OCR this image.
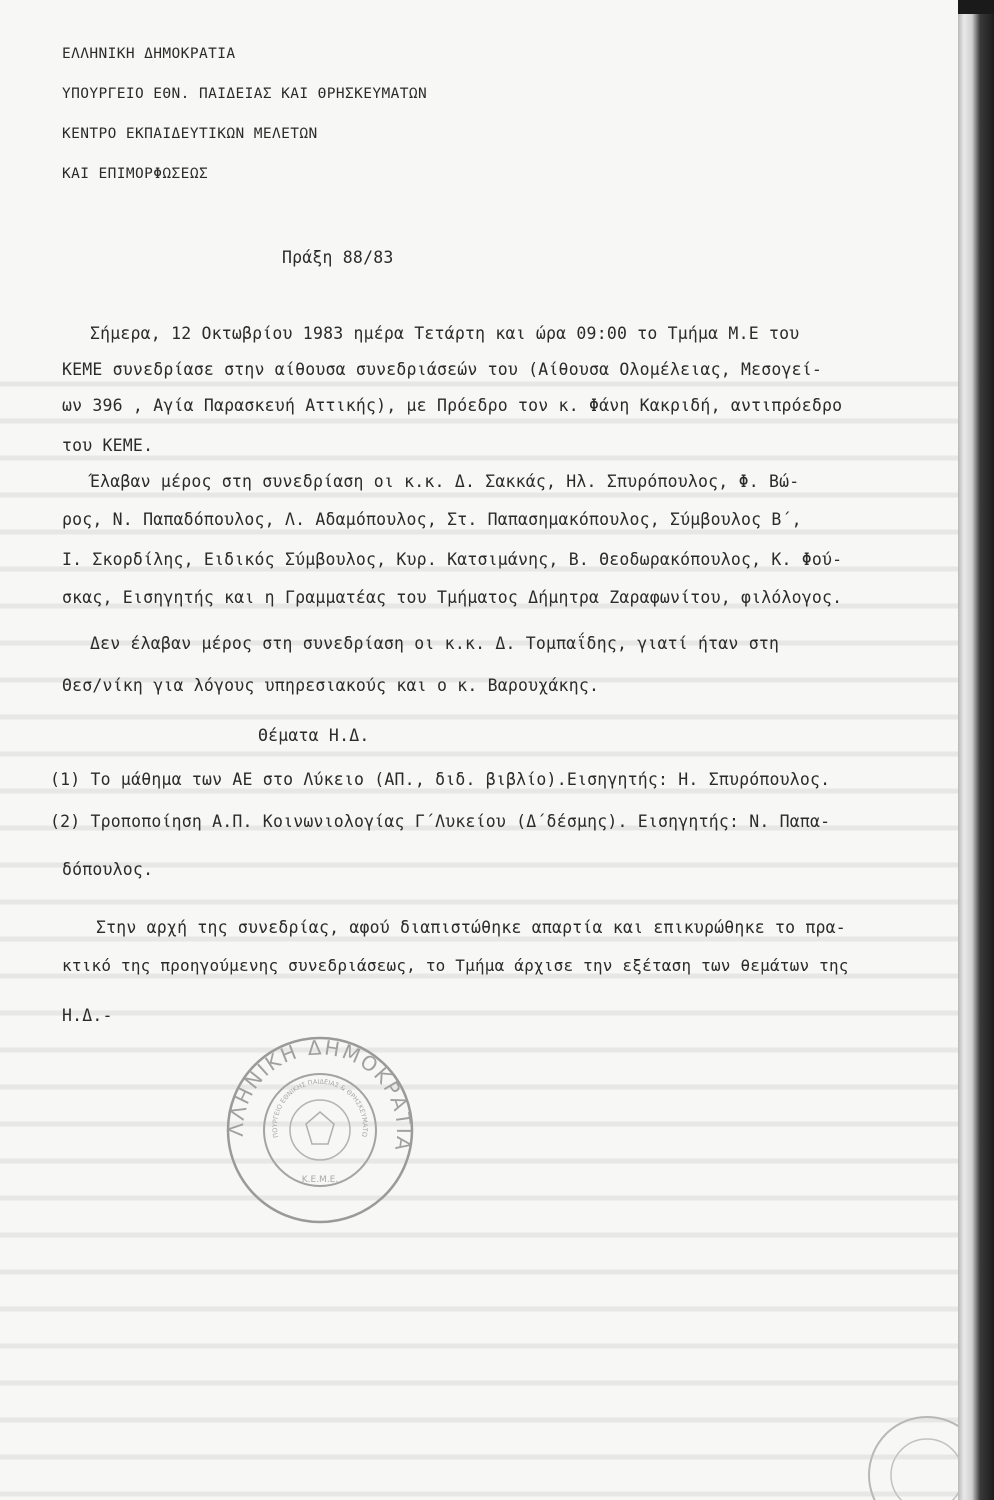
ΕΛΛΗΝΙΚΗ ΔΗΜΟΚΡΑΤΙΑ
ΥΠΟΥΡΓΕΙΟ ΕΘΝ. ΠΑΙΔΕΙΑΣ ΚΑΙ ΘΡΗΣΚΕΥΜΑΤΩΝ
ΚΕΝΤΡΟ ΕΚΠΑΙΔΕΥΤΙΚΩΝ ΜΕΛΕΤΩΝ
ΚΑΙ ΕΠΙΜΟΡΦΩΣΕΩΣ
Πράξη 88/83
Σήμερα, 12 Οκτωβρίου 1983 ημέρα Τετάρτη και ώρα 09:00 το Τμήμα Μ.Ε του
ΚΕΜΕ συνεδρίασε στην αίθουσα συνεδριάσεών του (Αίθουσα Ολομέλειας, Μεσογεί-
ων 396 , Αγία Παρασκευή Αττικής), με Πρόεδρο τον κ. Φάνη Κακριδή, αντιπρόεδρο
του ΚΕΜΕ.
Έλαβαν μέρος στη συνεδρίαση οι κ.κ. Δ. Σακκάς, Ηλ. Σπυρόπουλος, Φ. Βώ-
ρος, Ν. Παπαδόπουλος, Λ. Αδαμόπουλος, Στ. Παπασημακόπουλος, Σύμβουλος Β΄,
Ι. Σκορδίλης, Ειδικός Σύμβουλος, Κυρ. Κατσιμάνης, Β. Θεοδωρακόπουλος, Κ. Φού-
σκας, Εισηγητής και η Γραμματέας του Τμήματος Δήμητρα Ζαραφωνίτου, φιλόλογος.
Δεν έλαβαν μέρος στη συνεδρίαση οι κ.κ. Δ. Τομπαΐδης, γιατί ήταν στη
Θεσ/νίκη για λόγους υπηρεσιακούς και ο κ. Βαρουχάκης.
Θέματα Η.Δ.
(1) Το μάθημα των ΑΕ στο Λύκειο (ΑΠ., διδ. βιβλίο).Εισηγητής: Η. Σπυρόπουλος.
(2) Τροποποίηση Α.Π. Κοινωνιολογίας Γ΄Λυκείου (Δ΄δέσμης). Εισηγητής: Ν. Παπα-
δόπουλος.
Στην αρχή της συνεδρίας, αφού διαπιστώθηκε απαρτία και επικυρώθηκε το πρα-
κτικό της προηγούμενης συνεδριάσεως, το Τμήμα άρχισε την εξέταση των θεμάτων της
Η.Δ.-
ΛΛΗΝΙΚΗ ΔΗΜΟΚΡΑΤΙΑ
ΠΟΥΡΓΕΙΟ ΕΘΝΙΚΗΣ ΠΑΙΔΕΙΑΣ & ΘΡΗΣΚΕΥΜΑΤΩ
Κ.Ε.Μ.Ε.
